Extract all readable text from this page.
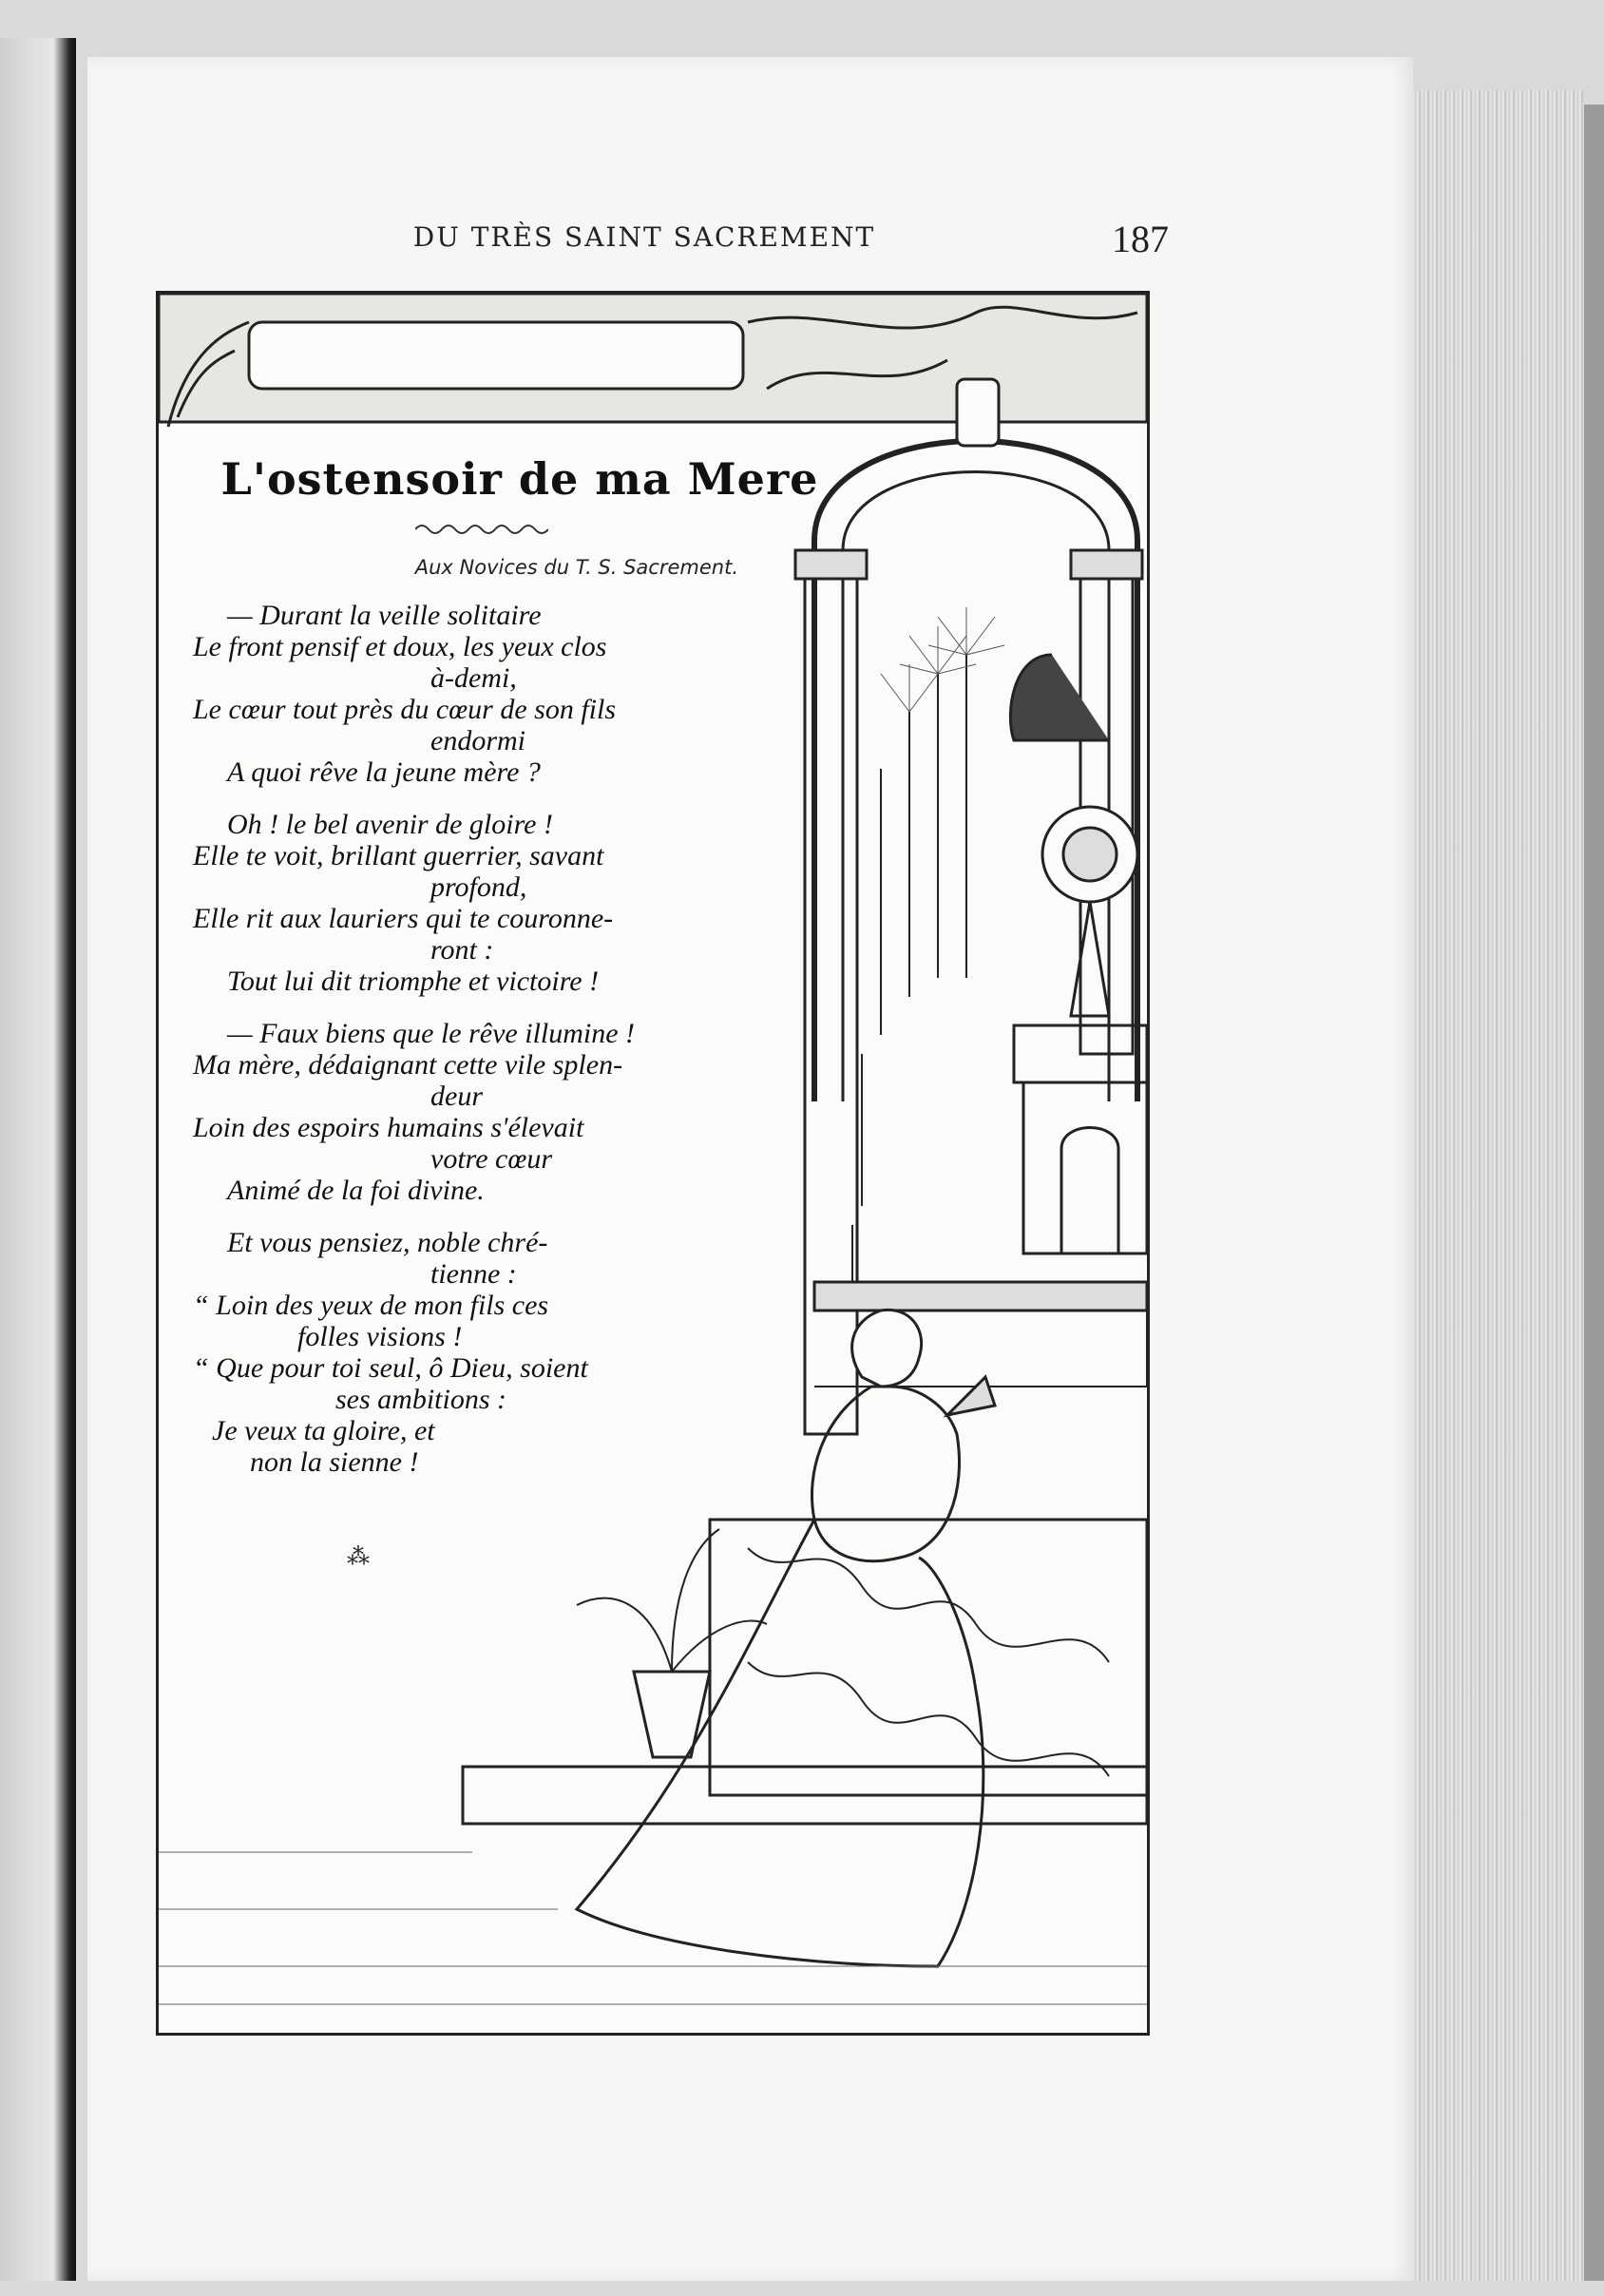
DU TRÈS SAINT SACREMENT	187
L'ostensoir de ma Mere
Aux Novices du T. S. Sacrement.
— Durant la veille solitaire
Le front pensif et doux, les yeux clos
à-demi,
Le cœur tout près du cœur de son fils
endormi
A quoi rêve la jeune mère ?
Oh ! le bel avenir de gloire !
Elle te voit, brillant guerrier, savant
profond,
Elle rit aux lauriers qui te couronne-
ront :
Tout lui dit triomphe et victoire !
— Faux biens que le rêve illumine !
Ma mère, dédaignant cette vile splen-
deur
Loin des espoirs humains s'élevait
votre cœur
Animé de la foi divine.
Et vous pensiez, noble chré-
tienne :
“ Loin des yeux de mon fils ces
folles visions !
“ Que pour toi seul, ô Dieu, soient
ses ambitions :
Je veux ta gloire, et
non la sienne !
⁂
